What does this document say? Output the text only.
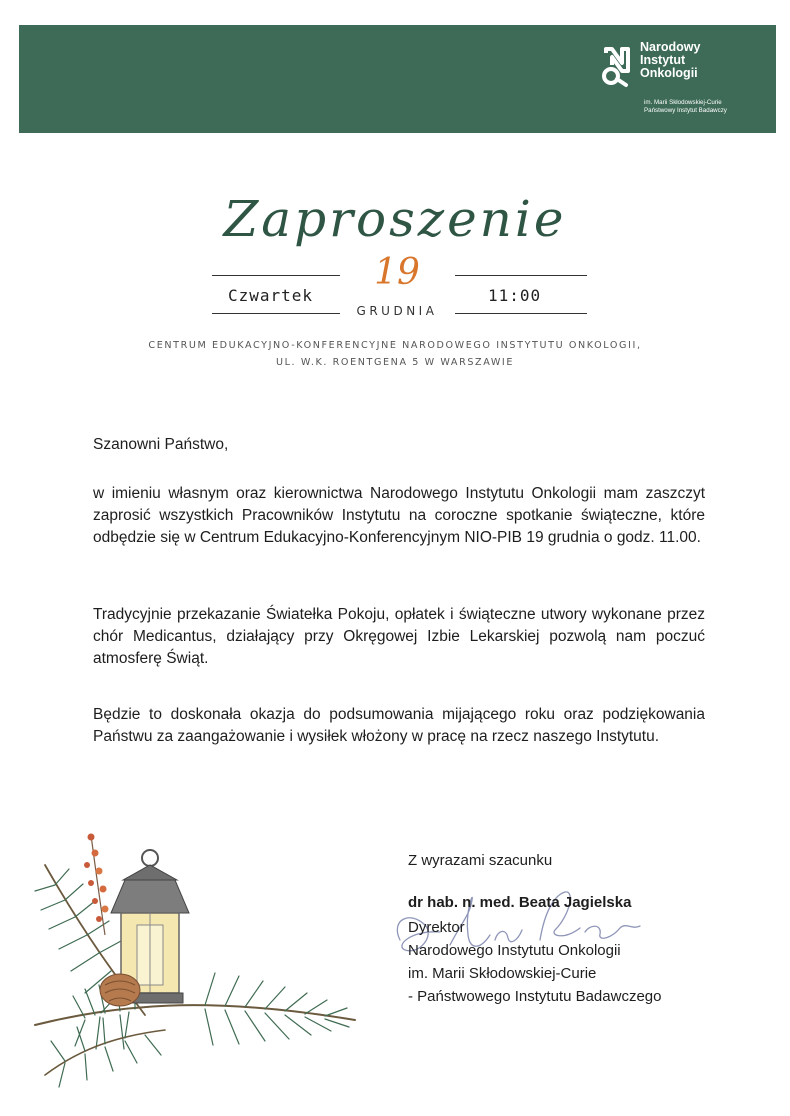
Narodowy
Instytut
Onkologii
im. Marii Skłodowskiej-Curie
Państwowy Instytut Badawczy
Zaproszenie
Czwartek
19
GRUDNIA
11:00
CENTRUM EDUKACYJNO-KONFERENCYJNE NARODOWEGO INSTYTUTU ONKOLOGII,
UL. W.K. ROENTGENA 5 W WARSZAWIE
Szanowni Państwo,

w imieniu własnym oraz kierownictwa Narodowego Instytutu Onkologii mam zaszczyt zaprosić wszystkich Pracowników Instytutu na coroczne spotkanie świąteczne, które odbędzie się w Centrum Edukacyjno-Konferencyjnym NIO-PIB 19 grudnia o godz. 11.00.

Tradycyjnie przekazanie Światełka Pokoju, opłatek i świąteczne utwory wykonane przez chór Medicantus, działający przy Okręgowej Izbie Lekarskiej pozwolą nam poczuć atmosferę Świąt.

Będzie to doskonała okazja do podsumowania mijającego roku oraz podziękowania Państwu za zaangażowanie i wysiłek włożony w pracę na rzecz naszego Instytutu.

Z wyrazami szacunku
dr hab. n. med. Beata Jagielska
Dyrektor
Narodowego Instytutu Onkologii
im. Marii Skłodowskiej-Curie
- Państwowego Instytutu Badawczego
